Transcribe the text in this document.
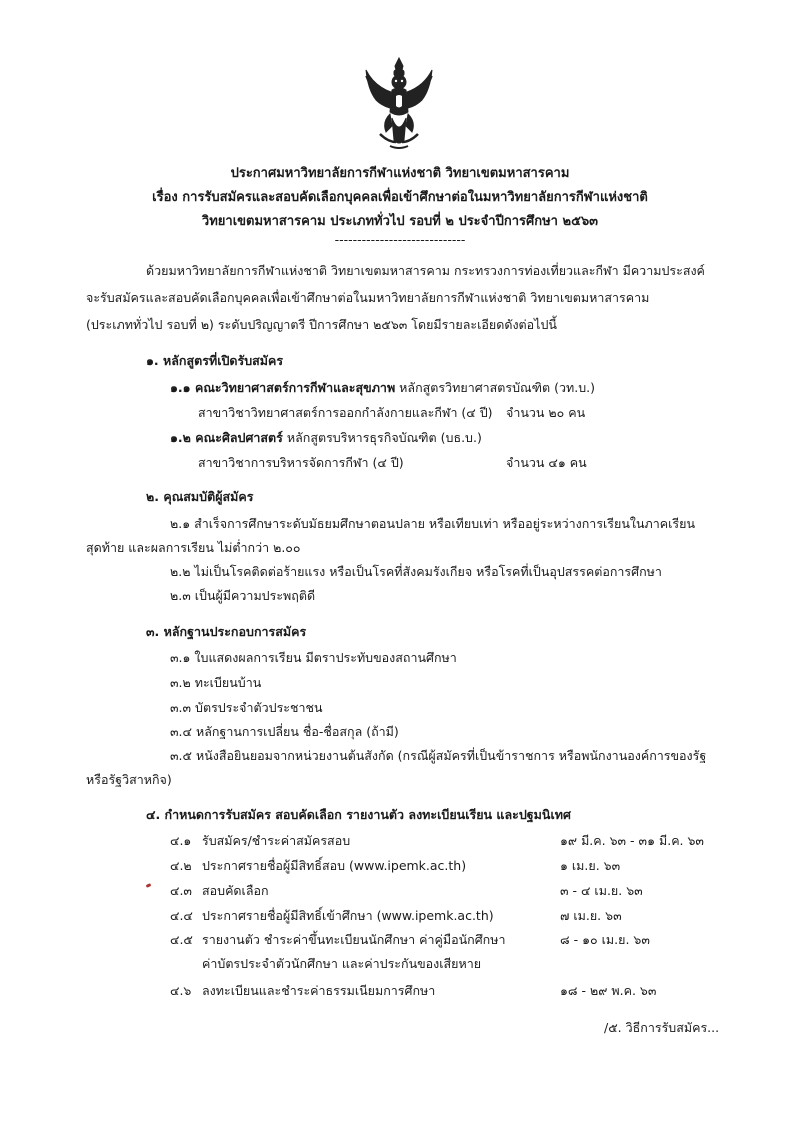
ประกาศมหาวิทยาลัยการกีฬาแห่งชาติ วิทยาเขตมหาสารคาม
เรื่อง การรับสมัครและสอบคัดเลือกบุคคลเพื่อเข้าศึกษาต่อในมหาวิทยาลัยการกีฬาแห่งชาติ
วิทยาเขตมหาสารคาม ประเภททั่วไป รอบที่ ๒ ประจำปีการศึกษา ๒๕๖๓
-----------------------------
ด้วยมหาวิทยาลัยการกีฬาแห่งชาติ วิทยาเขตมหาสารคาม กระทรวงการท่องเที่ยวและกีฬา มีความประสงค์
จะรับสมัครและสอบคัดเลือกบุคคลเพื่อเข้าศึกษาต่อในมหาวิทยาลัยการกีฬาแห่งชาติ วิทยาเขตมหาสารคาม
(ประเภททั่วไป รอบที่ ๒) ระดับปริญญาตรี ปีการศึกษา ๒๕๖๓ โดยมีรายละเอียดดังต่อไปนี้
๑. หลักสูตรที่เปิดรับสมัคร
๑.๑ คณะวิทยาศาสตร์การกีฬาและสุขภาพ หลักสูตรวิทยาศาสตรบัณฑิต (วท.บ.)
สาขาวิชาวิทยาศาสตร์การออกกำลังกายและกีฬา (๔ ปี) จำนวน ๒๐ คน
๑.๒ คณะศิลปศาสตร์ หลักสูตรบริหารธุรกิจบัณฑิต (บธ.บ.)
สาขาวิชาการบริหารจัดการกีฬา (๔ ปี)	จำนวน ๔๑ คน
๒. คุณสมบัติผู้สมัคร
๒.๑ สำเร็จการศึกษาระดับมัธยมศึกษาตอนปลาย หรือเทียบเท่า หรืออยู่ระหว่างการเรียนในภาคเรียน
สุดท้าย และผลการเรียน ไม่ต่ำกว่า ๒.๐๐
๒.๒ ไม่เป็นโรคติดต่อร้ายแรง หรือเป็นโรคที่สังคมรังเกียจ หรือโรคที่เป็นอุปสรรคต่อการศึกษา
๒.๓ เป็นผู้มีความประพฤติดี
๓. หลักฐานประกอบการสมัคร
๓.๑ ใบแสดงผลการเรียน มีตราประทับของสถานศึกษา
๓.๒ ทะเบียนบ้าน
๓.๓ บัตรประจำตัวประชาชน
๓.๔ หลักฐานการเปลี่ยน ชื่อ-ชื่อสกุล (ถ้ามี)
๓.๕ หนังสือยินยอมจากหน่วยงานต้นสังกัด (กรณีผู้สมัครที่เป็นข้าราชการ หรือพนักงานองค์การของรัฐ
หรือรัฐวิสาหกิจ)
๔. กำหนดการรับสมัคร สอบคัดเลือก รายงานตัว ลงทะเบียนเรียน และปฐมนิเทศ
๔.๑ รับสมัคร/ชำระค่าสมัครสอบ	๑๙ มี.ค. ๖๓ - ๓๑ มี.ค. ๖๓
๔.๒ ประกาศรายชื่อผู้มีสิทธิ์สอบ (www.ipemk.ac.th)	๑ เม.ย. ๖๓
๔.๓ สอบคัดเลือก	๓ - ๔ เม.ย. ๖๓
๔.๔ ประกาศรายชื่อผู้มีสิทธิ์เข้าศึกษา (www.ipemk.ac.th)	๗ เม.ย. ๖๓
๔.๕ รายงานตัว ชำระค่าขึ้นทะเบียนนักศึกษา ค่าคู่มือนักศึกษา	๘ - ๑๐ เม.ย. ๖๓
ค่าบัตรประจำตัวนักศึกษา และค่าประกันของเสียหาย
๔.๖ ลงทะเบียนและชำระค่าธรรมเนียมการศึกษา	๑๘ - ๒๙ พ.ค. ๖๓
/๕. วิธีการรับสมัคร...
